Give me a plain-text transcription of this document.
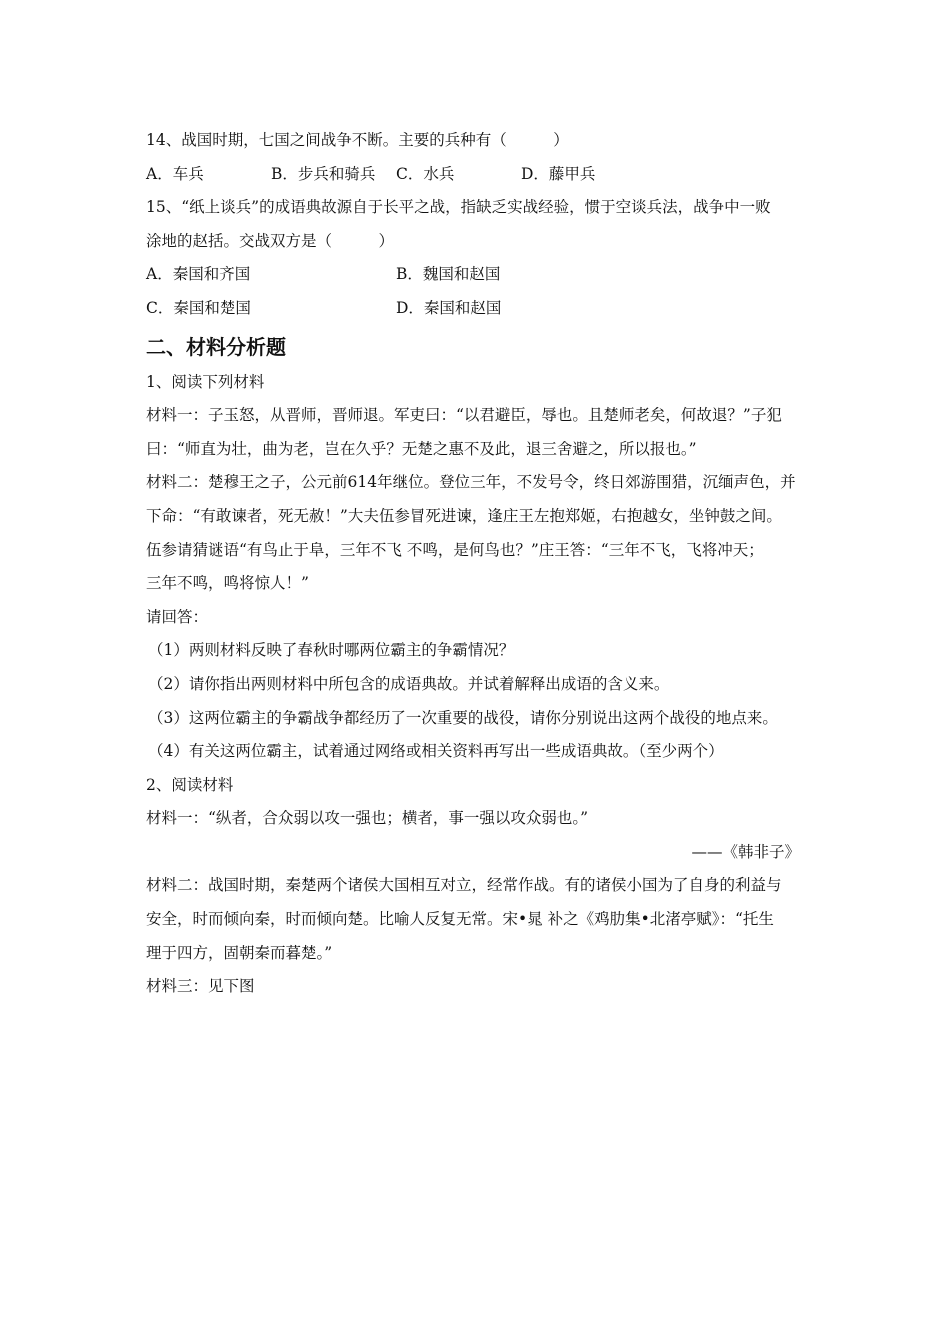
14、战国时期，七国之间战争不断。主要的兵种有（　　　）
A．车兵	B．步兵和骑兵	C．水兵	D．藤甲兵
15、“纸上谈兵”的成语典故源自于长平之战，指缺乏实战经验，惯于空谈兵法，战争中一败
涂地的赵括。交战双方是（　　　）
A．秦国和齐国	B．魏国和赵国
C．秦国和楚国	D．秦国和赵国
二、材料分析题
1、阅读下列材料
材料一：子玉怒，从晋师，晋师退。军吏曰：“以君避臣，辱也。且楚师老矣，何故退？”子犯
曰：“师直为壮，曲为老，岂在久乎？无楚之惠不及此，退三舍避之，所以报也。”
材料二：楚穆王之子，公元前614年继位。登位三年，不发号令，终日郊游围猎，沉缅声色，并
下命：“有敢谏者，死无赦！”大夫伍参冒死进谏，逢庄王左抱郑姬，右抱越女，坐钟鼓之间。
伍参请猜谜语“有鸟止于阜，三年不飞 不鸣，是何鸟也？”庄王答：“三年不飞，飞将冲天；
三年不鸣，鸣将惊人！”
请回答：
（1）两则材料反映了春秋时哪两位霸主的争霸情况？
（2）请你指出两则材料中所包含的成语典故。并试着解释出成语的含义来。
（3）这两位霸主的争霸战争都经历了一次重要的战役，请你分别说出这两个战役的地点来。
（4）有关这两位霸主，试着通过网络或相关资料再写出一些成语典故。（至少两个）
2、阅读材料
材料一：“纵者，合众弱以攻一强也；横者，事一强以攻众弱也。”
——《韩非子》
材料二：战国时期，秦楚两个诸侯大国相互对立，经常作战。有的诸侯小国为了自身的利益与
安全，时而倾向秦，时而倾向楚。比喻人反复无常。宋•晁 补之《鸡肋集•北渚亭赋》：“托生
理于四方，固朝秦而暮楚。”
材料三：见下图
